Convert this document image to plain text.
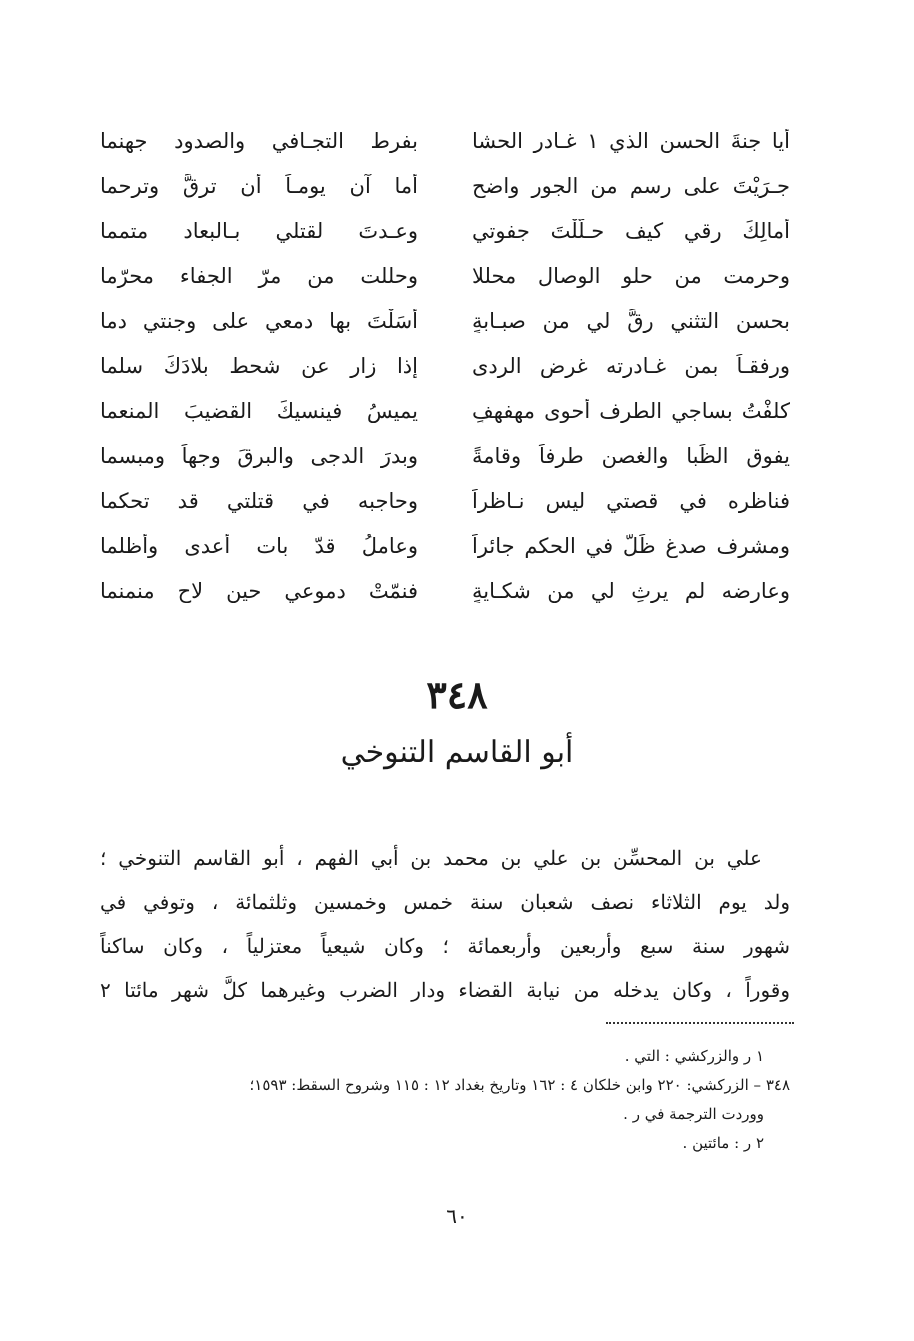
أيا جنةَ الحسنِ الذي ١ غـادر الحشا
بفرط التجـافي والصدود جهنما
جـرَيْتَ على رسمٍ من الجور واضحٍ
أما آن يومـاً أن ترقَّ وترحما
أمالِكَ رقي كيف حـلَّلْتَ جفوتي
وعـدتَ لقتلي بـالبعاد متمما
وحرمت من حلو الوصال محللا
وحللت من مرّ الجفاء محرّما
بحسن التثني رقَّ لي من صبـابةٍ
أسَلْتَ بها دمعي على وجنتي دما
ورفقـاً بمن غـادرته غرض الردى
إذا زار عن شحط بلادَكَ سلما
كلفْتُ بساجي الطرف أحوى مهفهفٍ
يميسُ فينسيكَ القضيبَ المنعما
يفوق الظِّبا والغصن طرفاً وقامةً
وبدرَ الدجى والبرقَ وجهاً ومبسما
فناظره في قصتي ليس نـاظراً
وحاجبه في قتلتي قد تحكما
ومشرف صدغ ظَلَّ في الحكم جائراً
وعاملُ قدّ بات أعدى وأظلما
وعارضه لم يرثِ لي من شكـايةٍ
فنمّتْ دموعي حين لاح منمنما
٣٤٨
أبو القاسم التنوخي

علي بن المحسِّن بن علي بن محمد بن أبي الفهم ، أبو القاسم التنوخي ؛

ولد يوم الثلاثاء نصف شعبان سنة خمس وخمسين وثلثمائة ، وتوفي في

شهور سنة سبع وأربعين وأربعمائة ؛ وكان شيعياً معتزلياً ، وكان ساكناً

وقوراً ، وكان يدخله من نيابة القضاء ودار الضرب وغيرهما كلَّ شهر مائتا ٢

١ ر والزركشي : التي .

٣٤٨ – الزركشي: ٢٢٠ وابن خلكان ٤ : ١٦٢ وتاريخ بغداد ١٢ : ١١٥ وشروح السقط: ١٥٩٣؛

ووردت الترجمة في ر .

٢ ر : مائتين .

٦٠
